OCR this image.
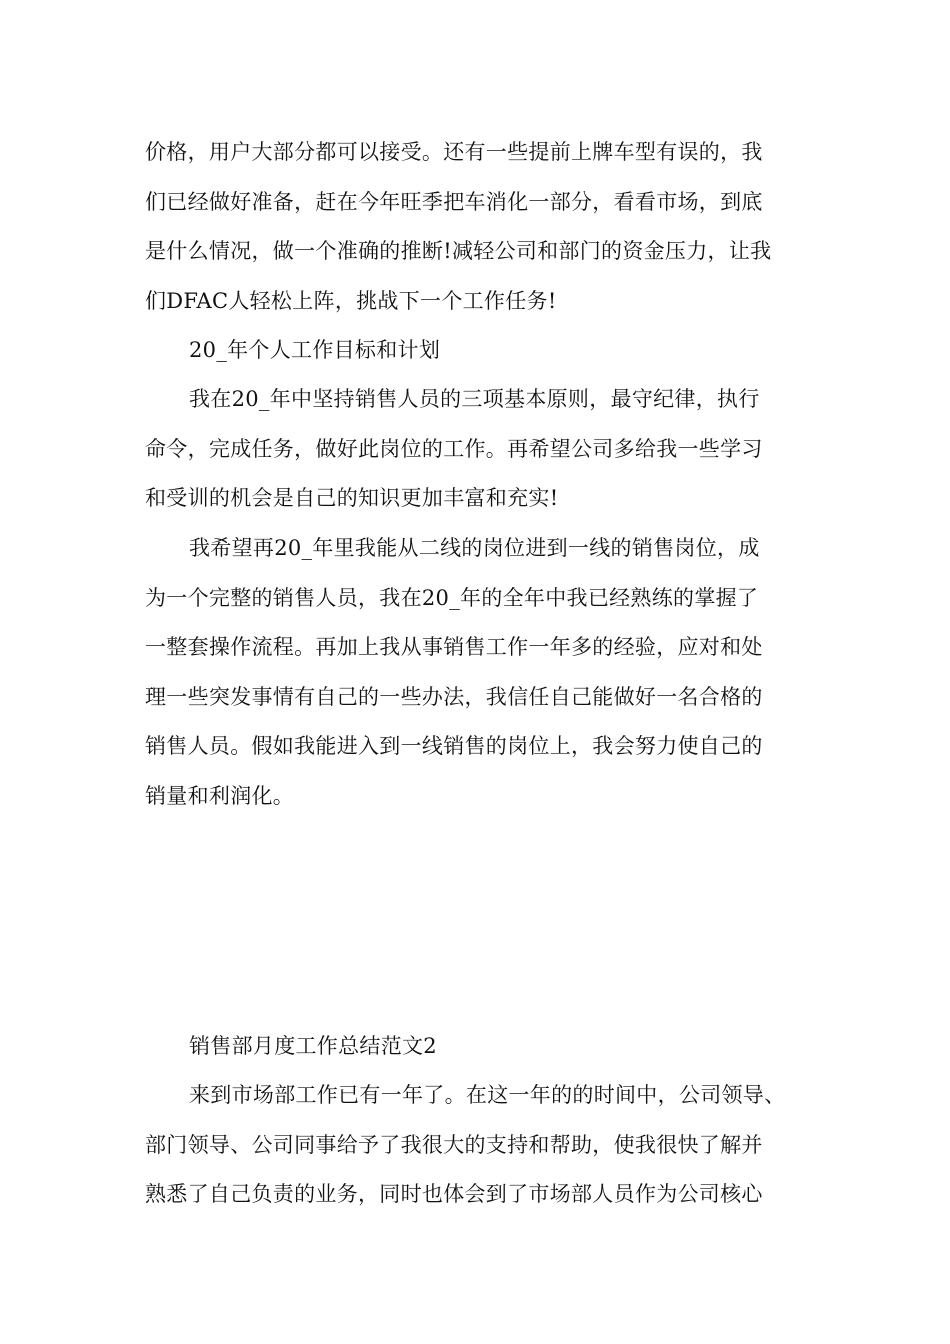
价格，用户大部分都可以接受。还有一些提前上牌车型有误的，我
们已经做好准备，赶在今年旺季把车消化一部分，看看市场，到底
是什么情况，做一个准确的推断!减轻公司和部门的资金压力，让我
们DFAC人轻松上阵，挑战下一个工作任务!
20_年个人工作目标和计划
我在20_年中坚持销售人员的三项基本原则，最守纪律，执行
命令，完成任务，做好此岗位的工作。再希望公司多给我一些学习
和受训的机会是自己的知识更加丰富和充实!
我希望再20_年里我能从二线的岗位进到一线的销售岗位，成
为一个完整的销售人员，我在20_年的全年中我已经熟练的掌握了
一整套操作流程。再加上我从事销售工作一年多的经验，应对和处
理一些突发事情有自己的一些办法，我信任自己能做好一名合格的
销售人员。假如我能进入到一线销售的岗位上，我会努力使自己的
销量和利润化。
销售部月度工作总结范文2
来到市场部工作已有一年了。在这一年的的时间中，公司领导、
部门领导、公司同事给予了我很大的支持和帮助，使我很快了解并
熟悉了自己负责的业务，同时也体会到了市场部人员作为公司核心
